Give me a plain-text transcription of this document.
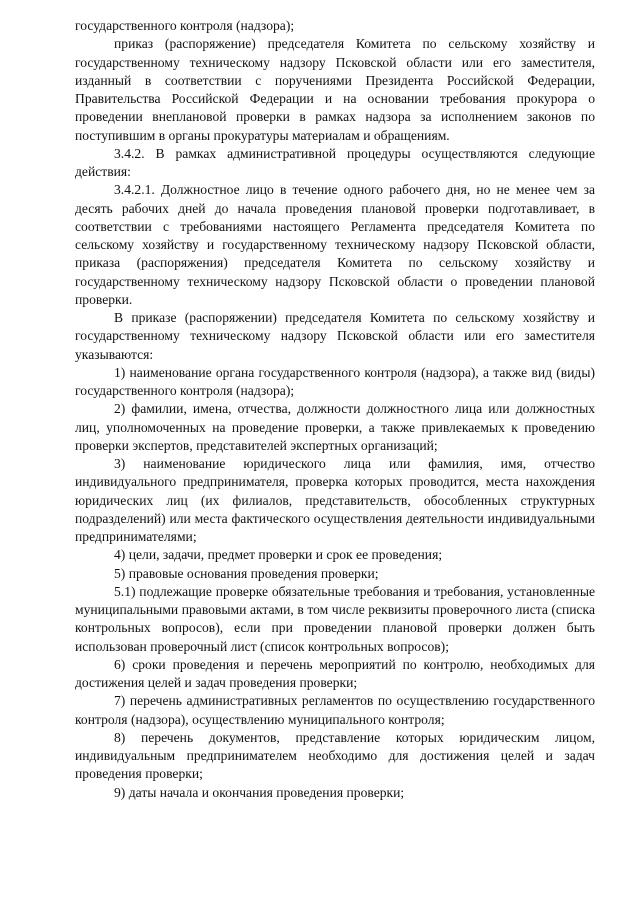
государственного контроля (надзора);

приказ (распоряжение) председателя Комитета по сельскому хозяйству и государственному техническому надзору Псковской области или его заместителя, изданный в соответствии с поручениями Президента Российской Федерации, Правительства Российской Федерации и на основании требования прокурора о проведении внеплановой проверки в рамках надзора за исполнением законов по поступившим в органы прокуратуры материалам и обращениям.

3.4.2. В рамках административной процедуры осуществляются следующие действия:

3.4.2.1. Должностное лицо в течение одного рабочего дня, но не менее чем за десять рабочих дней до начала проведения плановой проверки подготавливает, в соответствии с требованиями настоящего Регламента председателя Комитета по сельскому хозяйству и государственному техническому надзору Псковской области, приказа (распоряжения) председателя Комитета по сельскому хозяйству и государственному техническому надзору Псковской области о проведении плановой проверки.

В приказе (распоряжении) председателя Комитета по сельскому хозяйству и государственному техническому надзору Псковской области или его заместителя указываются:

1) наименование органа государственного контроля (надзора), а также вид (виды) государственного контроля (надзора);

2) фамилии, имена, отчества, должности должностного лица или должностных лиц, уполномоченных на проведение проверки, а также привлекаемых к проведению проверки экспертов, представителей экспертных организаций;

3) наименование юридического лица или фамилия, имя, отчество индивидуального предпринимателя, проверка которых проводится, места нахождения юридических лиц (их филиалов, представительств, обособленных структурных подразделений) или места фактического осуществления деятельности индивидуальными предпринимателями;

4) цели, задачи, предмет проверки и срок ее проведения;

5) правовые основания проведения проверки;

5.1) подлежащие проверке обязательные требования и требования, установленные муниципальными правовыми актами, в том числе реквизиты проверочного листа (списка контрольных вопросов), если при проведении плановой проверки должен быть использован проверочный лист (список контрольных вопросов);

6) сроки проведения и перечень мероприятий по контролю, необходимых для достижения целей и задач проведения проверки;

7) перечень административных регламентов по осуществлению государственного контроля (надзора), осуществлению муниципального контроля;

8) перечень документов, представление которых юридическим лицом, индивидуальным предпринимателем необходимо для достижения целей и задач проведения проверки;

9) даты начала и окончания проведения проверки;
